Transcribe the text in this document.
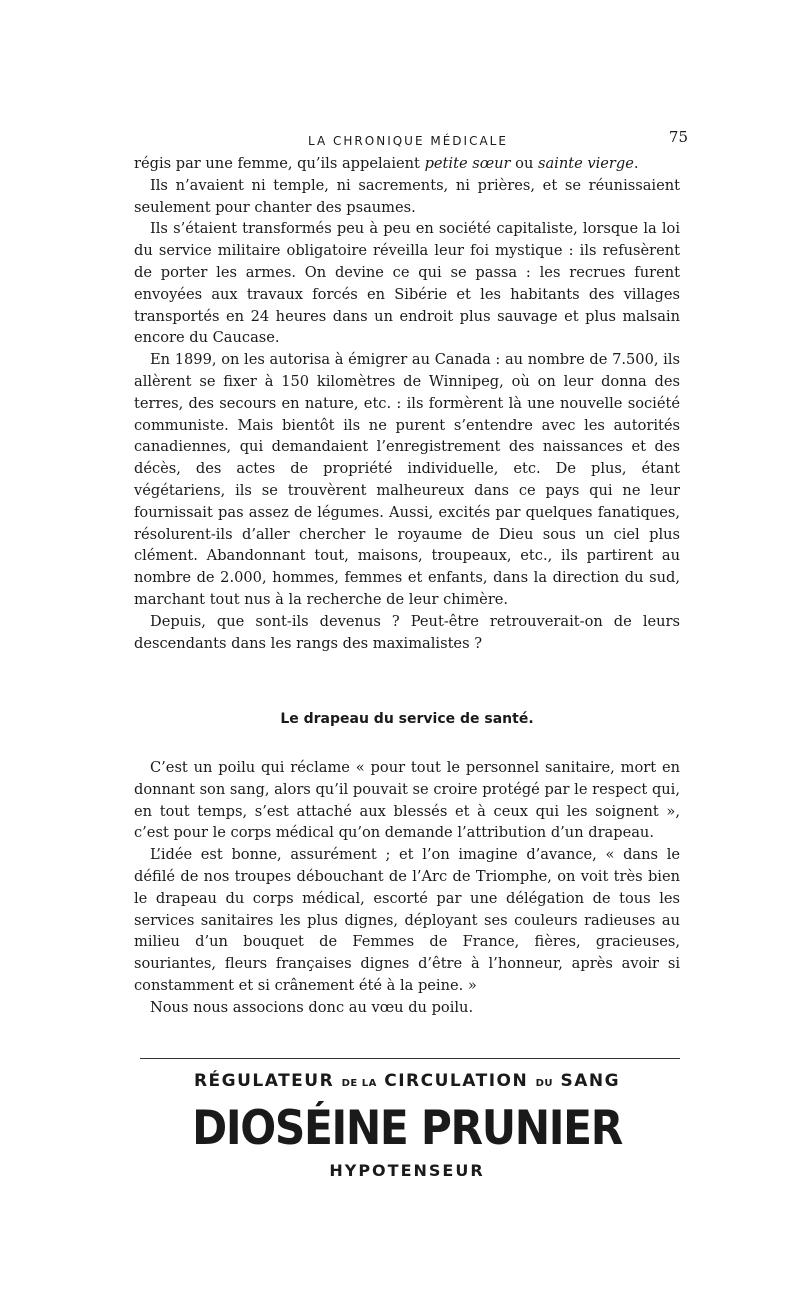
LA CHRONIQUE MÉDICALE	75

régis par une femme, qu’ils appelaient petite sœur ou sainte vierge.

Ils n’avaient ni temple, ni sacrements, ni prières, et se réunissaient seulement pour chanter des psaumes.

Ils s’étaient transformés peu à peu en société capitaliste, lorsque la loi du service militaire obligatoire réveilla leur foi mystique : ils refusèrent de porter les armes. On devine ce qui se passa : les recrues furent envoyées aux travaux forcés en Sibérie et les habitants des villages transportés en 24 heures dans un endroit plus sauvage et plus malsain encore du Caucase.

En 1899, on les autorisa à émigrer au Canada : au nombre de 7.500, ils allèrent se fixer à 150 kilomètres de Winnipeg, où on leur donna des terres, des secours en nature, etc. : ils formèrent là une nouvelle société communiste. Mais bientôt ils ne purent s’entendre avec les autorités canadiennes, qui demandaient l’enregistrement des naissances et des décès, des actes de propriété individuelle, etc. De plus, étant végétariens, ils se trouvèrent malheureux dans ce pays qui ne leur fournissait pas assez de légumes. Aussi, excités par quelques fanatiques, résolurent-ils d’aller chercher le royaume de Dieu sous un ciel plus clément. Abandonnant tout, maisons, troupeaux, etc., ils partirent au nombre de 2.000, hommes, femmes et enfants, dans la direction du sud, marchant tout nus à la recherche de leur chimère.

Depuis, que sont-ils devenus ? Peut-être retrouverait-on de leurs descendants dans les rangs des maximalistes ?

Le drapeau du service de santé.

C’est un poilu qui réclame « pour tout le personnel sanitaire, mort en donnant son sang, alors qu’il pouvait se croire protégé par le respect qui, en tout temps, s’est attaché aux blessés et à ceux qui les soignent », c’est pour le corps médical qu’on demande l’attribution d’un drapeau.

L’idée est bonne, assurément ; et l’on imagine d’avance, « dans le défilé de nos troupes débouchant de l’Arc de Triomphe, on voit très bien le drapeau du corps médical, escorté par une délégation de tous les services sanitaires les plus dignes, déployant ses couleurs radieuses au milieu d’un bouquet de Femmes de France, fières, gracieuses, souriantes, fleurs françaises dignes d’être à l’honneur, après avoir si constamment et si crânement été à la peine. »

Nous nous associons donc au vœu du poilu.

RÉGULATEUR DE LA CIRCULATION DU SANG
DIOSÉINE PRUNIER
HYPOTENSEUR
